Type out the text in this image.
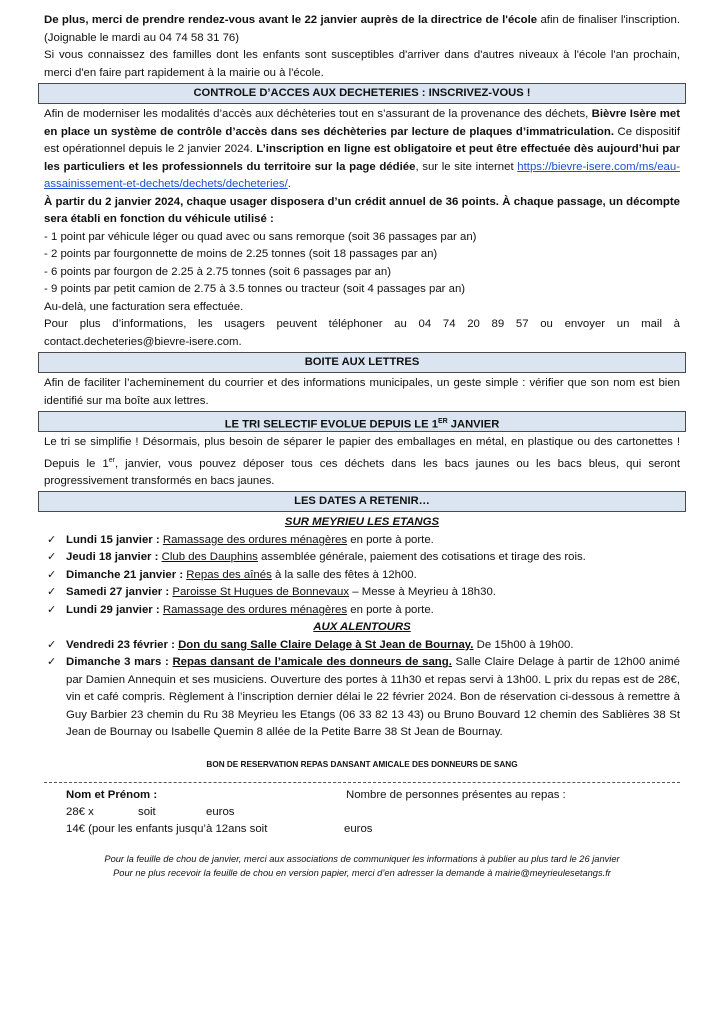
De plus, merci de prendre rendez-vous avant le 22 janvier auprès de la directrice de l'école afin de finaliser l'inscription. (Joignable le mardi au 04 74 58 31 76)

Si vous connaissez des familles dont les enfants sont susceptibles d'arriver dans d'autres niveaux à l'école l'an prochain, merci d'en faire part rapidement à la mairie ou à l'école.

CONTROLE D’ACCES AUX DECHETERIES : INSCRIVEZ-VOUS !

Afin de moderniser les modalités d’accès aux déchèteries tout en s’assurant de la provenance des déchets, Bièvre Isère met en place un système de contrôle d’accès dans ses déchèteries par lecture de plaques d’immatriculation. Ce dispositif est opérationnel depuis le 2 janvier 2024. L’inscription en ligne est obligatoire et peut être effectuée dès aujourd’hui par les particuliers et les professionnels du territoire sur la page dédiée, sur le site internet https://bievre-isere.com/ms/eau-assainissement-et-dechets/dechets/decheteries/.

À partir du 2 janvier 2024, chaque usager disposera d’un crédit annuel de 36 points. À chaque passage, un décompte sera établi en fonction du véhicule utilisé :

- 1 point par véhicule léger ou quad avec ou sans remorque (soit 36 passages par an)

- 2 points par fourgonnette de moins de 2.25 tonnes (soit 18 passages par an)

- 6 points par fourgon de 2.25 à 2.75 tonnes (soit 6 passages par an)

- 9 points par petit camion de 2.75 à 3.5 tonnes ou tracteur (soit 4 passages par an)

Au-delà, une facturation sera effectuée.

Pour plus d’informations, les usagers peuvent téléphoner au 04 74 20 89 57 ou envoyer un mail à contact.decheteries@bievre-isere.com.

BOITE AUX LETTRES

Afin de faciliter l’acheminement du courrier et des informations municipales, un geste simple : vérifier que son nom est bien identifié sur ma boîte aux lettres.

LE TRI SELECTIF EVOLUE DEPUIS LE 1ER JANVIER

Le tri se simplifie ! Désormais, plus besoin de séparer le papier des emballages en métal, en plastique ou des cartonettes ! Depuis le 1er, janvier, vous pouvez déposer tous ces déchets dans les bacs jaunes ou les bacs bleus, qui seront progressivement transformés en bacs jaunes.

LES DATES A RETENIR…

SUR MEYRIEU LES ETANGS

✓ Lundi 15 janvier : Ramassage des ordures ménagères en porte à porte.
✓ Jeudi 18 janvier : Club des Dauphins assemblée générale, paiement des cotisations et tirage des rois.
✓ Dimanche 21 janvier : Repas des aînés à la salle des fêtes à 12h00.
✓ Samedi 27 janvier : Paroisse St Hugues de Bonnevaux – Messe à Meyrieu à 18h30.
✓ Lundi 29 janvier : Ramassage des ordures ménagères en porte à porte.

AUX ALENTOURS

✓ Vendredi 23 février : Don du sang Salle Claire Delage à St Jean de Bournay. De 15h00 à 19h00.
✓ Dimanche 3 mars : Repas dansant de l’amicale des donneurs de sang. Salle Claire Delage à partir de 12h00 animé par Damien Annequin et ses musiciens. Ouverture des portes à 11h30 et repas servi à 13h00. L prix du repas est de 28€, vin et café compris. Règlement à l’inscription dernier délai le 22 février 2024. Bon de réservation ci-dessous à remettre à Guy Barbier 23 chemin du Ru 38 Meyrieu les Etangs (06 33 82 13 43) ou Bruno Bouvard 12 chemin des Sablières 38 St Jean de Bournay ou Isabelle Quemin 8 allée de la Petite Barre 38 St Jean de Bournay.

BON DE RESERVATION REPAS DANSANT AMICALE DES DONNEURS DE SANG

Nom et Prénom :	Nombre de personnes présentes au repas :
28€ x	soit	euros
14€ (pour les enfants jusqu’à 12ans soit	euros

Pour la feuille de chou de janvier, merci aux associations de communiquer les informations à publier au plus tard le 26 janvier

Pour ne plus recevoir la feuille de chou en version papier, merci d’en adresser la demande à mairie@meyrieulesetangs.fr
